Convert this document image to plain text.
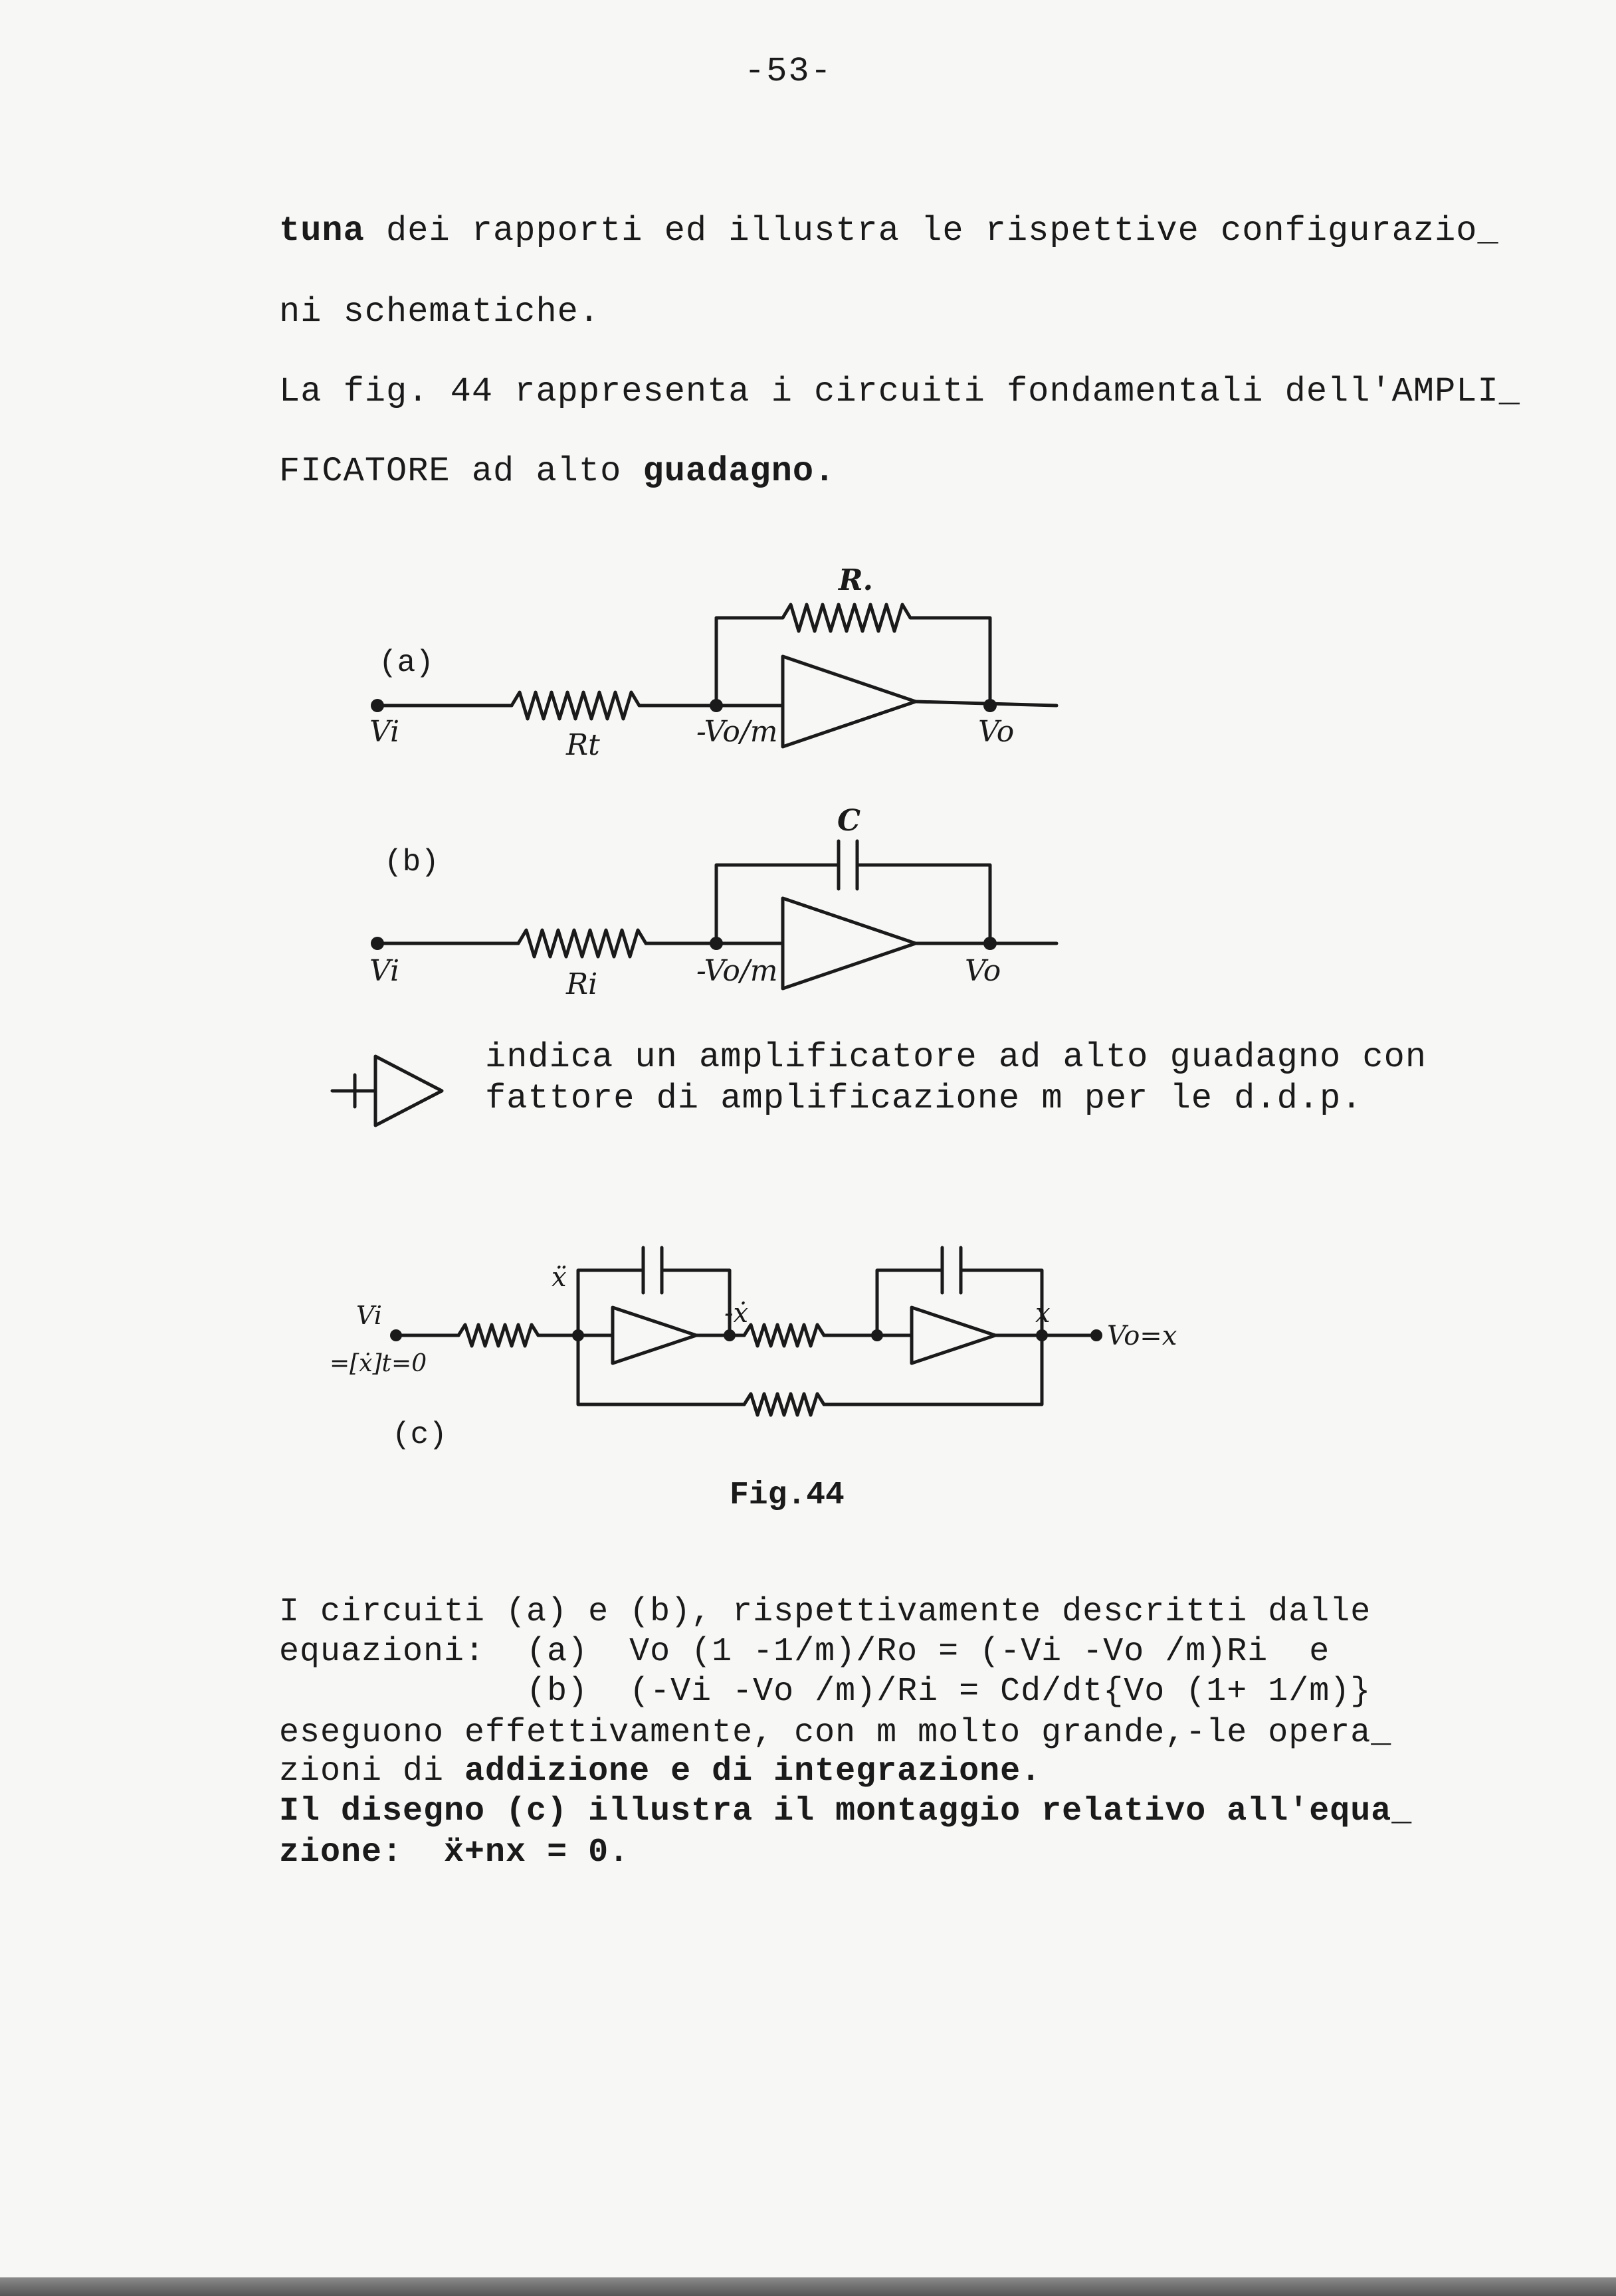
-53-
tuna dei rapporti ed illustra le rispettive configurazio_
ni schematiche.
La fig. 44 rappresenta i circuiti fondamentali dell'AMPLI_
FICATORE ad alto guadagno.
(a)
Vi	Rt
R.
-Vo/m	Vo
(b)
Vi	Ri
C
-Vo/m	Vo
indica un amplificatore ad alto guadagno con
fattore di amplificazione m per le d.d.p.
Vi
=[ẋ]t=0
ẍ
-ẋ	x
Vo=x
(c)
Fig.44
I circuiti (a) e (b), rispettivamente descritti dalle
equazioni:  (a)  Vo (1 -1/m)/Ro = (-Vi -Vo /m)Ri  e
(b)  (-Vi -Vo /m)/Ri = Cd/dt{Vo (1+ 1/m)}
eseguono effettivamente, con m molto grande,-le opera_
zioni di addizione e di integrazione.
Il disegno (c) illustra il montaggio relativo all'equa_
zione:  ẍ+nx = 0.
